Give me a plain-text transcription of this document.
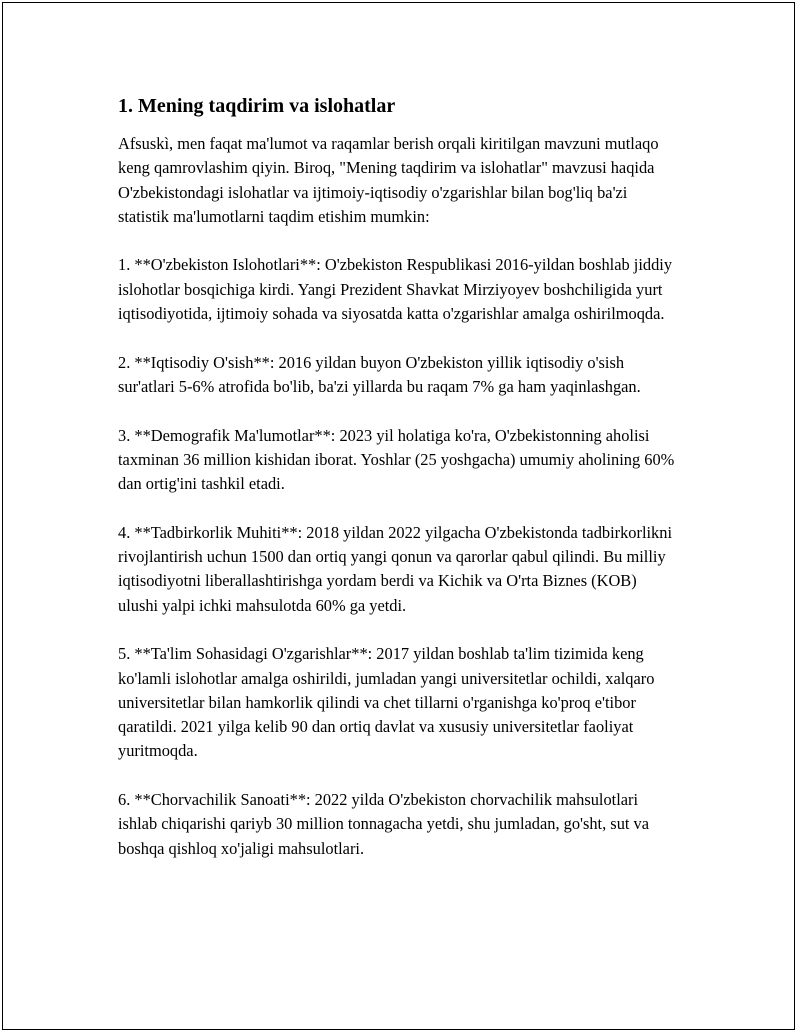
1. Mening taqdirim va islohatlar

Afsuskì, men faqat ma'lumot va raqamlar berish orqali kiritilgan mavzuni mutlaqo keng qamrovlashim qiyin. Biroq, "Mening taqdirim va islohatlar" mavzusi haqida O'zbekistondagi islohatlar va ijtimoiy-iqtisodiy o'zgarishlar bilan bog'liq ba'zi statistik ma'lumotlarni taqdim etishim mumkin:

1. **O'zbekiston Islohotlari**: O'zbekiston Respublikasi 2016-yildan boshlab jiddiy islohotlar bosqichiga kirdi. Yangi Prezident Shavkat Mirziyoyev boshchiligida yurt iqtisodiyotida, ijtimoiy sohada va siyosatda katta o'zgarishlar amalga oshirilmoqda.

2. **Iqtisodiy O'sish**: 2016 yildan buyon O'zbekiston yillik iqtisodiy o'sish sur'atlari 5-6% atrofida bo'lib, ba'zi yillarda bu raqam 7% ga ham yaqinlashgan.

3. **Demografik Ma'lumotlar**: 2023 yil holatiga ko'ra, O'zbekistonning aholisi taxminan 36 million kishidan iborat. Yoshlar (25 yoshgacha) umumiy aholining 60% dan ortig'ini tashkil etadi.

4. **Tadbirkorlik Muhiti**: 2018 yildan 2022 yilgacha O'zbekistonda tadbirkorlikni rivojlantirish uchun 1500 dan ortiq yangi qonun va qarorlar qabul qilindi. Bu milliy iqtisodiyotni liberallashtirishga yordam berdi va Kichik va O'rta Biznes (KOB) ulushi yalpi ichki mahsulotda 60% ga yetdi.

5. **Ta'lim Sohasidagi O'zgarishlar**: 2017 yildan boshlab ta'lim tizimida keng ko'lamli islohotlar amalga oshirildi, jumladan yangi universitetlar ochildi, xalqaro universitetlar bilan hamkorlik qilindi va chet tillarni o'rganishga ko'proq e'tibor qaratildi. 2021 yilga kelib 90 dan ortiq davlat va xususiy universitetlar faoliyat yuritmoqda.

6. **Chorvachilik Sanoati**: 2022 yilda O'zbekiston chorvachilik mahsulotlari ishlab chiqarishi qariyb 30 million tonnagacha yetdi, shu jumladan, go'sht, sut va boshqa qishloq xo'jaligi mahsulotlari.
